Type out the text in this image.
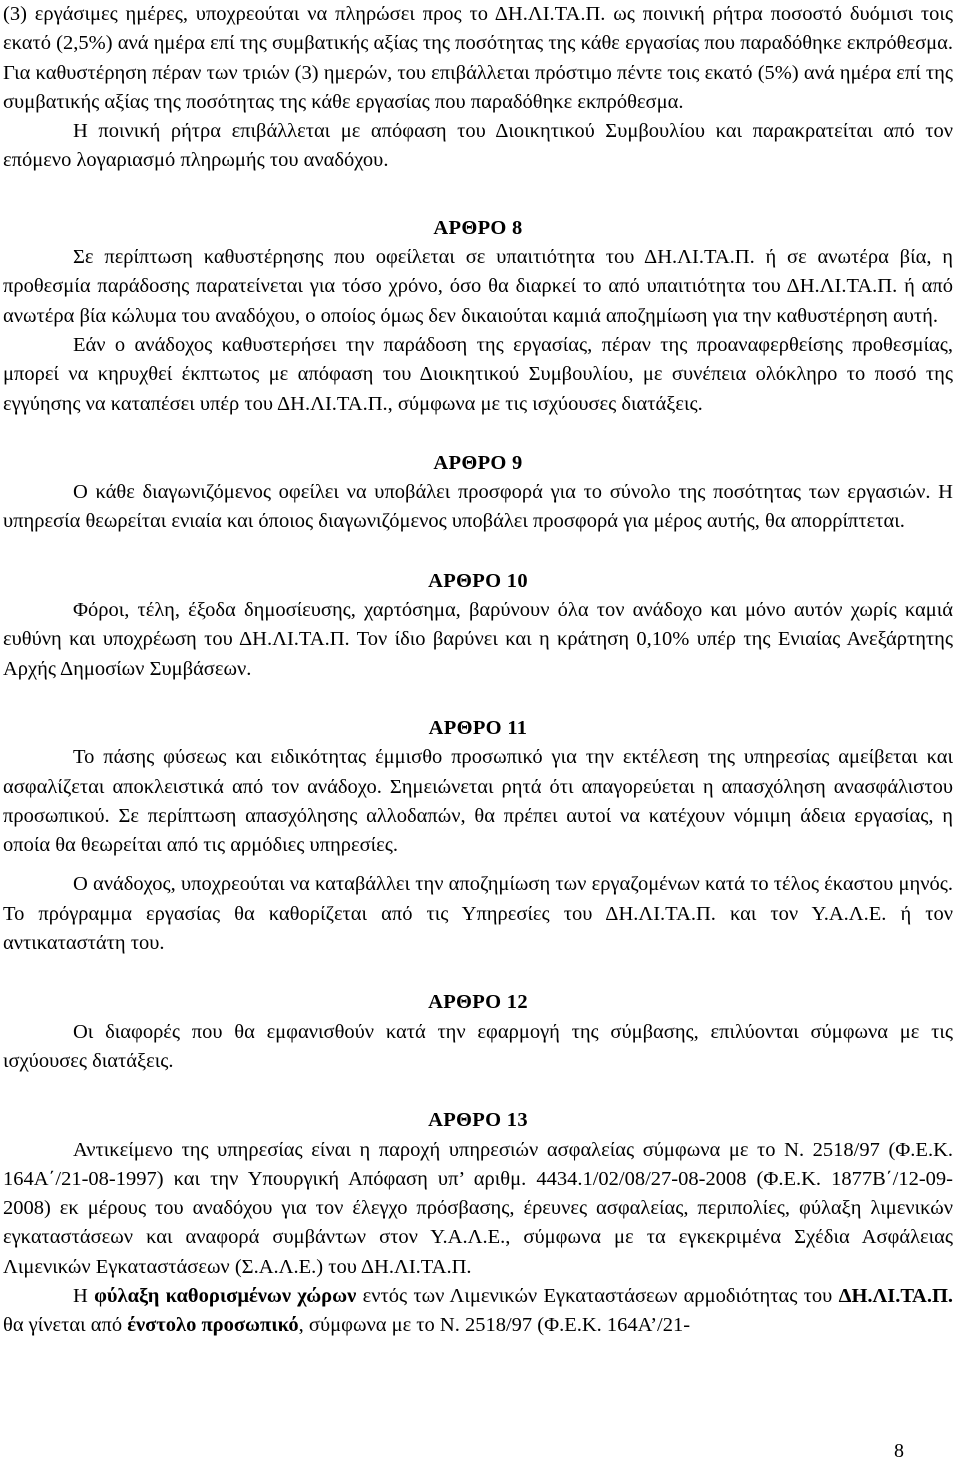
(3) εργάσιμες ημέρες, υποχρεούται να πληρώσει προς το ΔΗ.ΛΙ.ΤΑ.Π. ως ποινική ρήτρα ποσοστό δυόμισι τοις εκατό (2,5%) ανά ημέρα επί της συμβατικής αξίας της ποσότητας της κάθε εργασίας που παραδόθηκε εκπρόθεσμα. Για καθυστέρηση πέραν των τριών (3) ημερών, του επιβάλλεται πρόστιμο πέντε τοις εκατό (5%) ανά ημέρα επί της συμβατικής αξίας της ποσότητας της κάθε εργασίας που παραδόθηκε εκπρόθεσμα.

Η ποινική ρήτρα επιβάλλεται με απόφαση του Διοικητικού Συμβουλίου και παρακρατείται από τον επόμενο λογαριασμό πληρωμής του αναδόχου.

ΑΡΘΡΟ 8

Σε περίπτωση καθυστέρησης που οφείλεται σε υπαιτιότητα του ΔΗ.ΛΙ.ΤΑ.Π. ή σε ανωτέρα βία, η προθεσμία παράδοσης παρατείνεται για τόσο χρόνο, όσο θα διαρκεί το από υπαιτιότητα του ΔΗ.ΛΙ.ΤΑ.Π. ή από ανωτέρα βία κώλυμα του αναδόχου, ο οποίος όμως δεν δικαιούται καμιά αποζημίωση για την καθυστέρηση αυτή.

Εάν ο ανάδοχος καθυστερήσει την παράδοση της εργασίας, πέραν της προαναφερθείσης προθεσμίας, μπορεί να κηρυχθεί έκπτωτος με απόφαση του Διοικητικού Συμβουλίου, με συνέπεια ολόκληρο το ποσό της εγγύησης να καταπέσει υπέρ του ΔΗ.ΛΙ.ΤΑ.Π., σύμφωνα με τις ισχύουσες διατάξεις.

ΑΡΘΡΟ 9

Ο κάθε διαγωνιζόμενος οφείλει να υποβάλει προσφορά για το σύνολο της ποσότητας των εργασιών. Η υπηρεσία θεωρείται ενιαία και όποιος διαγωνιζόμενος υποβάλει προσφορά για μέρος αυτής, θα απορρίπτεται.

ΑΡΘΡΟ 10

Φόροι, τέλη, έξοδα δημοσίευσης, χαρτόσημα, βαρύνουν όλα τον ανάδοχο και μόνο αυτόν χωρίς καμιά ευθύνη και υποχρέωση του ΔΗ.ΛΙ.ΤΑ.Π. Τον ίδιο βαρύνει και η κράτηση 0,10% υπέρ της Ενιαίας Ανεξάρτητης Αρχής Δημοσίων Συμβάσεων.

ΑΡΘΡΟ 11

Το πάσης φύσεως και ειδικότητας έμμισθο προσωπικό για την εκτέλεση της υπηρεσίας αμείβεται και ασφαλίζεται αποκλειστικά από τον ανάδοχο. Σημειώνεται ρητά ότι απαγορεύεται η απασχόληση ανασφάλιστου προσωπικού. Σε περίπτωση απασχόλησης αλλοδαπών, θα πρέπει αυτοί να κατέχουν νόμιμη άδεια εργασίας, η οποία θα θεωρείται από τις αρμόδιες υπηρεσίες.

Ο ανάδοχος, υποχρεούται να καταβάλλει την αποζημίωση των εργαζομένων κατά το τέλος έκαστου μηνός. Το πρόγραμμα εργασίας θα καθορίζεται από τις Υπηρεσίες του ΔΗ.ΛΙ.ΤΑ.Π. και τον Υ.Α.Λ.Ε. ή τον αντικαταστάτη του.

ΑΡΘΡΟ 12

Οι διαφορές που θα εμφανισθούν κατά την εφαρμογή της σύμβασης, επιλύονται σύμφωνα με τις ισχύουσες διατάξεις.

ΑΡΘΡΟ 13

Αντικείμενο της υπηρεσίας είναι η παροχή υπηρεσιών ασφαλείας σύμφωνα με το Ν. 2518/97 (Φ.Ε.Κ. 164Α΄/21-08-1997) και την Υπουργική Απόφαση υπ’ αριθμ. 4434.1/02/08/27-08-2008 (Φ.Ε.Κ. 1877Β΄/12-09-2008) εκ μέρους του αναδόχου για τον έλεγχο πρόσβασης, έρευνες ασφαλείας, περιπολίες, φύλαξη λιμενικών εγκαταστάσεων και αναφορά συμβάντων στον Υ.Α.Λ.Ε., σύμφωνα με τα εγκεκριμένα Σχέδια Ασφάλειας Λιμενικών Εγκαταστάσεων (Σ.Α.Λ.Ε.) του ΔΗ.ΛΙ.ΤΑ.Π.

Η φύλαξη καθορισμένων χώρων εντός των Λιμενικών Εγκαταστάσεων αρμοδιότητας του ΔΗ.ΛΙ.ΤΑ.Π. θα γίνεται από ένστολο προσωπικό, σύμφωνα με το Ν. 2518/97 (Φ.Ε.Κ. 164Α’/21-

8
